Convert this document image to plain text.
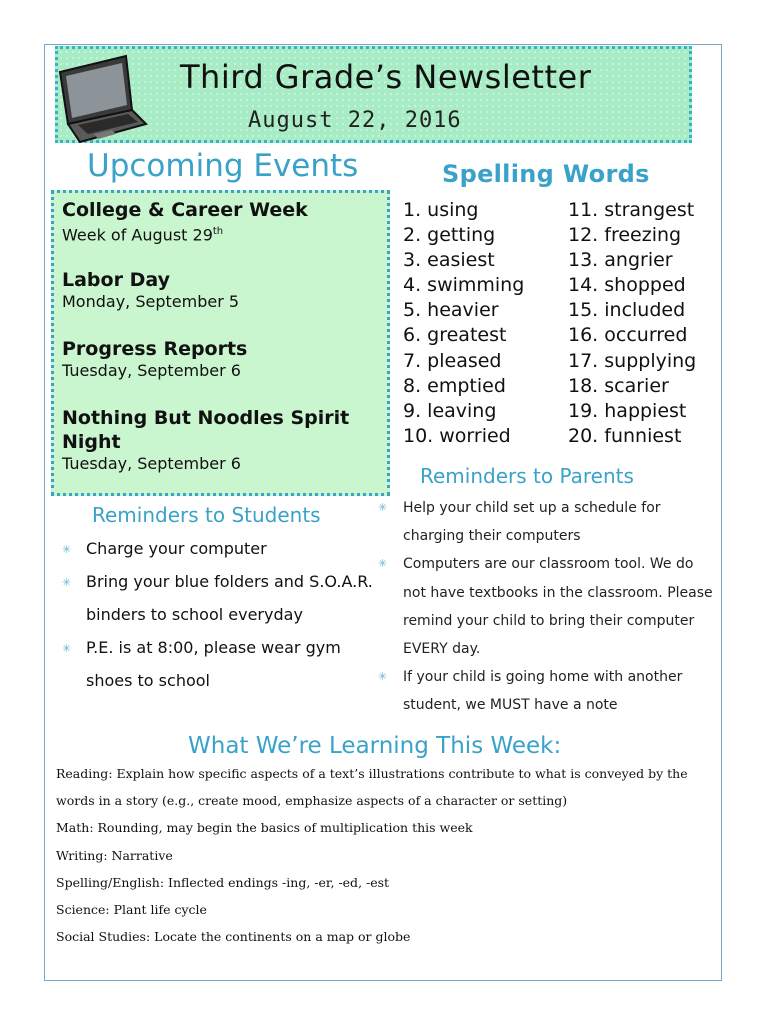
Third Grade’s Newsletter
August 22, 2016
Upcoming Events
College & Career Week
Week of August 29th
Labor Day
Monday, September 5
Progress Reports
Tuesday, September 6
Nothing But Noodles Spirit Night
Tuesday, September 6
Spelling Words
1. using
2. getting
3. easiest
4. swimming
5. heavier
6. greatest
7. pleased
8. emptied
9. leaving
10. worried
11. strangest
12. freezing
13. angrier
14. shopped
15. included
16. occurred
17. supplying
18. scarier
19. happiest
20. funniest
Reminders to Parents
✳ Help your child set up a schedule for charging their computers
✳ Computers are our classroom tool. We do not have textbooks in the classroom. Please remind your child to bring their computer EVERY day.
✳ If your child is going home with another student, we MUST have a note
Reminders to Students
✳ Charge your computer
✳ Bring your blue folders and S.O.A.R. binders to school everyday
✳ P.E. is at 8:00, please wear gym shoes to school
What We’re Learning This Week:
Reading: Explain how specific aspects of a text’s illustrations contribute to what is conveyed by the words in a story (e.g., create mood, emphasize aspects of a character or setting)
Math: Rounding, may begin the basics of multiplication this week
Writing: Narrative
Spelling/English: Inflected endings -ing, -er, -ed, -est
Science: Plant life cycle
Social Studies: Locate the continents on a map or globe
